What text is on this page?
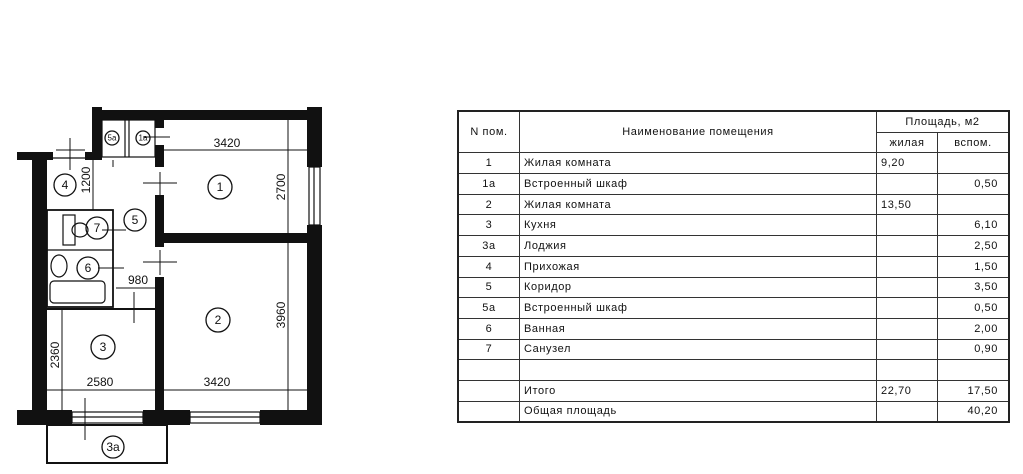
1
2
3
3а
4
5
6
7
5а	1а	3420
2700
3960
1200
980
2360
2580	3420
N пом.	Наименование помещения	Площадь, м2	
		жилая	вспом.
1	Жилая комната	9,20	
1а	Встроенный шкаф		0,50
2	Жилая комната	13,50	
3	Кухня		6,10
3а	Лоджия		2,50
4	Прихожая		1,50
5	Коридор		3,50
5а	Встроенный шкаф		0,50
6	Ванная		2,00
7	Санузел		0,90

	Итого	22,70	17,50
	Общая площадь		40,20
